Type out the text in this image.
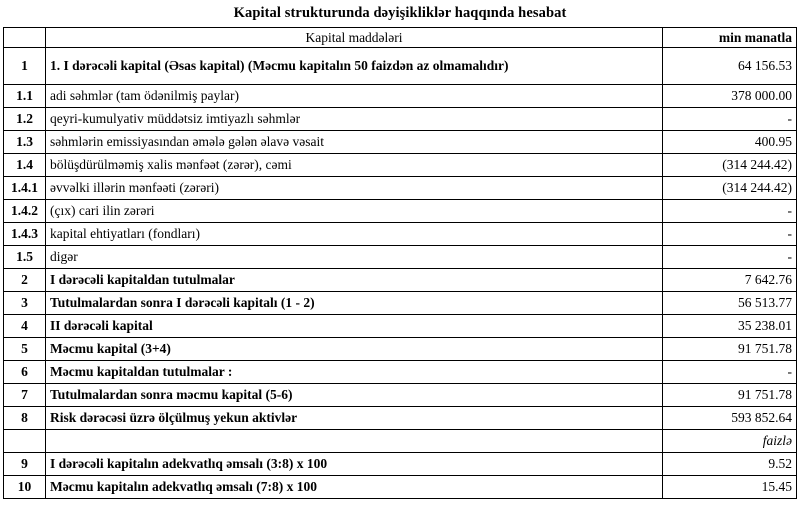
Kapital strukturunda dəyişikliklər haqqında hesabat
	Kapital maddələri	min manatla
1	1. I dərəcəli kapital (Əsas kapital) (Məcmu kapitalın 50 faizdən az olmamalıdır)	64 156.53
1.1	adi səhmlər (tam ödənilmiş paylar)	378 000.00
1.2	qeyri-kumulyativ müddətsiz imtiyazlı səhmlər	-
1.3	səhmlərin emissiyasından əmələ gələn əlavə vəsait	400.95
1.4	bölüşdürülməmiş xalis mənfəət (zərər), cəmi	(314 244.42)
1.4.1	əvvəlki illərin mənfəəti (zərəri)	(314 244.42)
1.4.2	(çıx) cari ilin zərəri	-
1.4.3	kapital ehtiyatları (fondları)	-
1.5	digər	-
2	I dərəcəli kapitaldan tutulmalar	7 642.76
3	Tutulmalardan sonra I dərəcəli kapitalı (1 - 2)	56 513.77
4	II dərəcəli kapital	35 238.01
5	Məcmu kapital (3+4)	91 751.78
6	Məcmu kapitaldan tutulmalar :	-
7	Tutulmalardan sonra məcmu kapital (5-6)	91 751.78
8	Risk dərəcəsi üzrə ölçülmuş yekun aktivlər	593 852.64
		faizlə
9	I dərəcəli kapitalın adekvatlıq əmsalı (3:8) x 100	9.52
10	Məcmu kapitalın adekvatlıq əmsalı (7:8) x 100	15.45
